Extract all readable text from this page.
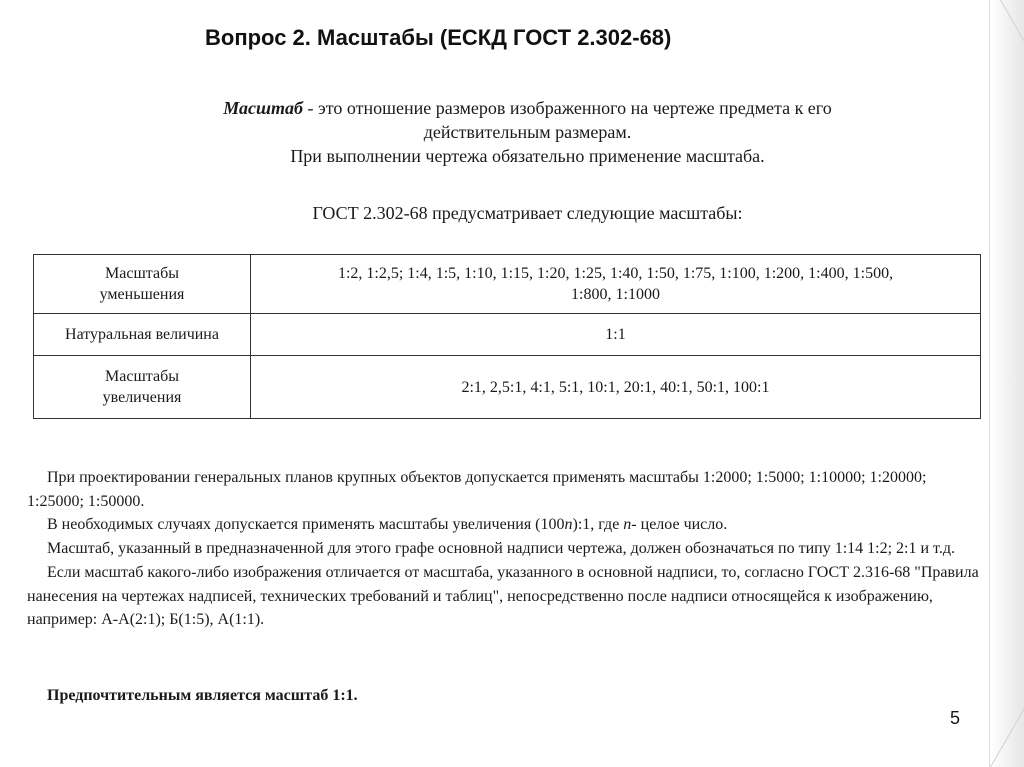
Вопрос 2. Масштабы (ЕСКД ГОСТ 2.302-68)
Масштаб - это отношение размеров изображенного на чертеже предмета к его
действительным размерам.
При выполнении чертежа обязательно применение масштаба.
ГОСТ 2.302-68 предусматривает следующие масштабы:
Масштабы
уменьшения	1:2, 1:2,5; 1:4, 1:5, 1:10, 1:15, 1:20, 1:25, 1:40, 1:50, 1:75, 1:100, 1:200, 1:400, 1:500,
1:800, 1:1000
Натуральная величина	1:1
Масштабы
увеличения	2:1, 2,5:1, 4:1, 5:1, 10:1, 20:1, 40:1, 50:1, 100:1

При проектировании генеральных планов крупных объектов допускается применять масштабы 1:2000; 1:5000; 1:10000; 1:20000; 1:25000; 1:50000.

В необходимых случаях допускается применять масштабы увеличения (100n):1, где n- целое число.

Масштаб, указанный в предназначенной для этого графе основной надписи чертежа, должен обозначаться по типу 1:14 1:2; 2:1 и т.д.

Если масштаб какого-либо изображения отличается от масштаба, указанного в основной надписи, то, согласно ГОСТ 2.316-68 "Правила нанесения на чертежах надписей, технических требований и таблиц", непосредственно после надписи относящейся к изображению, например: А-А(2:1); Б(1:5), А(1:1).

Предпочтительным является масштаб 1:1.
5
